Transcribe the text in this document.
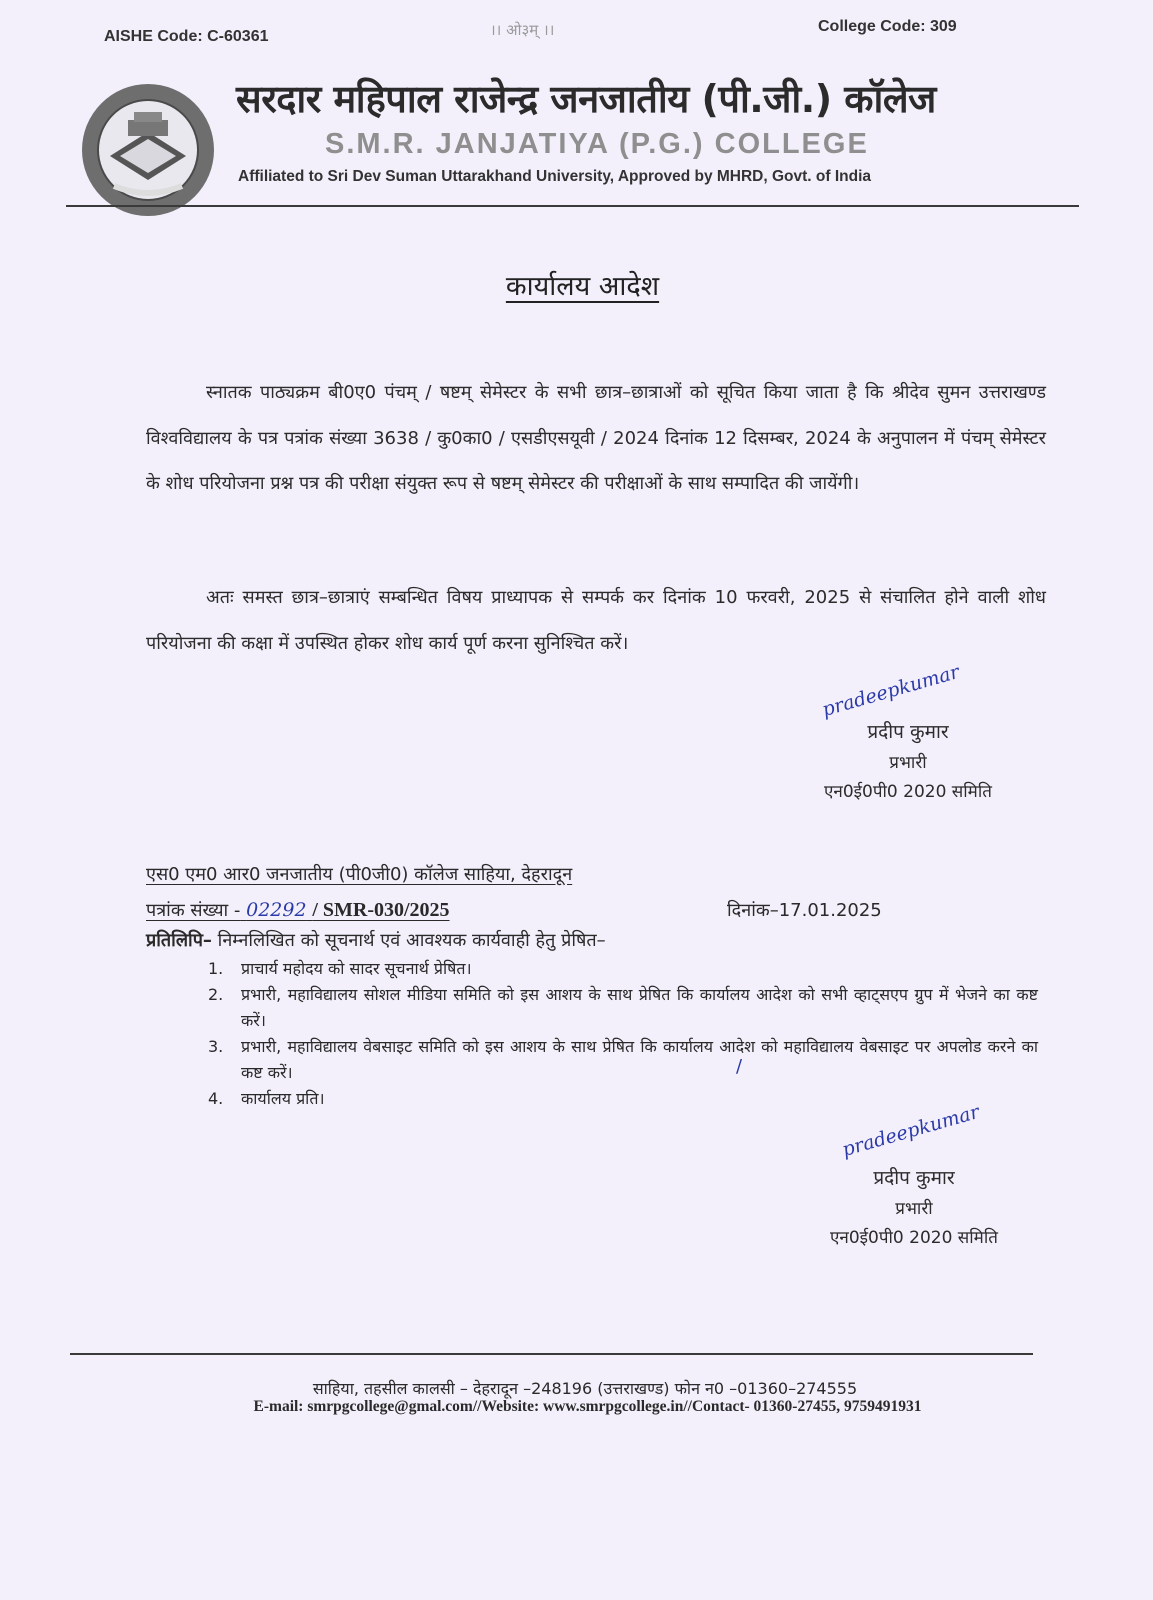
AISHE Code: C-60361	।। ओ३म् ।।	College Code: 309
सरदार महिपाल राजेन्द्र जनजातीय (पी.जी.) कॉलेज
S.M.R. JANJATIYA (P.G.) COLLEGE
Affiliated to Sri Dev Suman Uttarakhand University, Approved by MHRD, Govt. of India
कार्यालय आदेश
स्नातक पाठ्यक्रम बी0ए0 पंचम् / षष्टम् सेमेस्टर के सभी छात्र–छात्राओं को सूचित किया जाता है कि श्रीदेव सुमन उत्तराखण्ड विश्वविद्यालय के पत्र पत्रांक संख्या 3638 / कु0का0 / एसडीएसयूवी / 2024 दिनांक 12 दिसम्बर, 2024 के अनुपालन में पंचम् सेमेस्टर के शोध परियोजना प्रश्न पत्र की परीक्षा संयुक्त रूप से षष्टम् सेमेस्टर की परीक्षाओं के साथ सम्पादित की जायेंगी।
अतः समस्त छात्र–छात्राएं सम्बन्धित विषय प्राध्यापक से सम्पर्क कर दिनांक 10 फरवरी, 2025 से संचालित होने वाली शोध परियोजना की कक्षा में उपस्थित होकर शोध कार्य पूर्ण करना सुनिश्चित करें।
pradeepkumar
प्रदीप कुमार
प्रभारी
एन0ई0पी0 2020 समिति
एस0 एम0 आर0 जनजातीय (पी0जी0) कॉलेज साहिया, देहरादून
पत्रांक संख्या - 02292 / SMR-030/2025	दिनांक–17.01.2025
प्रतिलिपि– निम्नलिखित को सूचनार्थ एवं आवश्यक कार्यवाही हेतु प्रेषित–
1. प्राचार्य महोदय को सादर सूचनार्थ प्रेषित।
2. प्रभारी, महाविद्यालय सोशल मीडिया समिति को इस आशय के साथ प्रेषित कि कार्यालय आदेश को सभी व्हाट्सएप ग्रुप में भेजने का कष्ट करें।
3. प्रभारी, महाविद्यालय वेबसाइट समिति को इस आशय के साथ प्रेषित कि कार्यालय आदेश को महाविद्यालय वेबसाइट पर अपलोड करने का कष्ट करें।
4. कार्यालय प्रति।
/
pradeepkumar
प्रदीप कुमार
प्रभारी
एन0ई0पी0 2020 समिति
साहिया, तहसील कालसी – देहरादून –248196 (उत्तराखण्ड) फोन न0 –01360–274555
E-mail: smrpgcollege@gmal.com//Website: www.smrpgcollege.in//Contact- 01360-27455, 9759491931
